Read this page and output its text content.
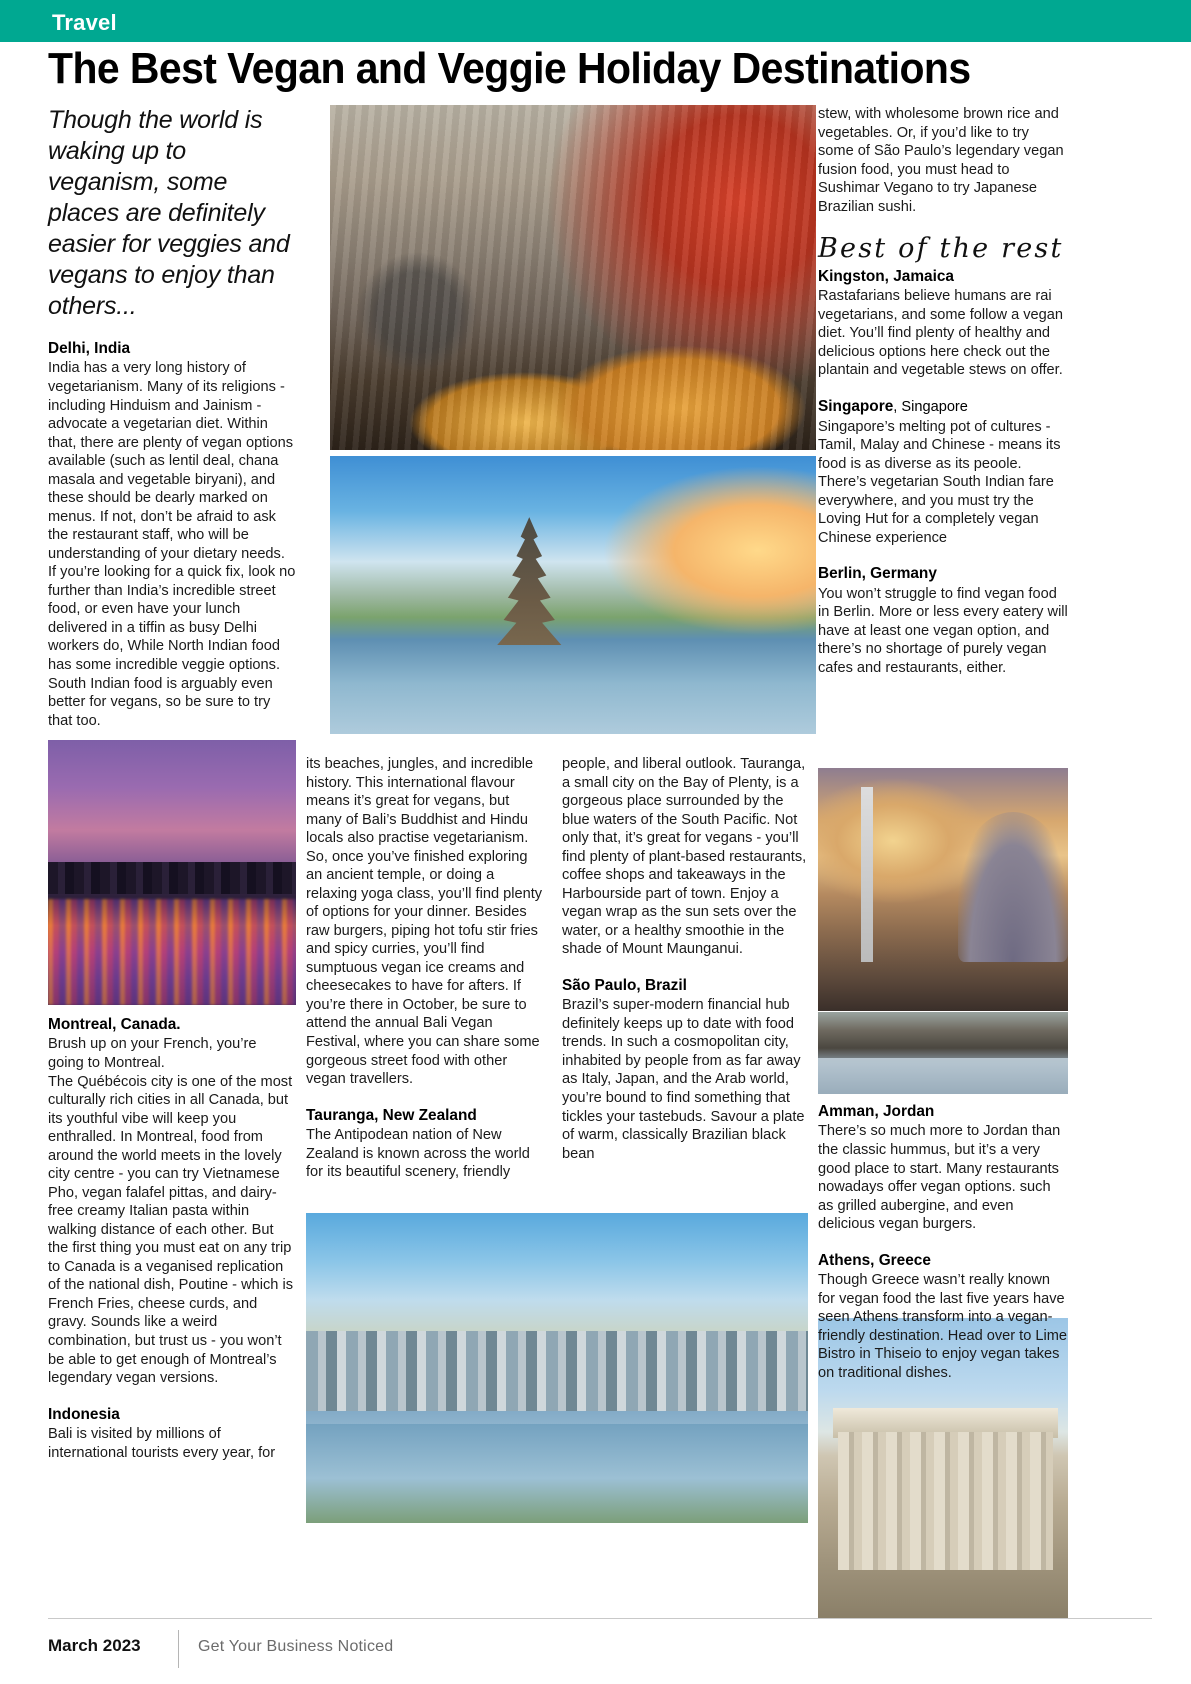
Travel
The Best Vegan and Veggie Holiday Destinations
Though the world is waking up to veganism, some places are definitely easier for veggies and vegans to enjoy than others...
Delhi, India

India has a very long history of vegetarianism. Many of its religions - including Hinduism and Jainism - advocate a vegetarian diet. Within that, there are plenty of vegan options available (such as lentil deal, chana masala and vegetable biryani), and these should be dearly marked on menus. If not, don’t be afraid to ask the restaurant staff, who will be understanding of your dietary needs. If you’re looking for a quick fix, look no further than India’s incredible street food, or even have your lunch delivered in a tiffin as busy Delhi workers do, While North Indian food has some incredible veggie options. South Indian food is arguably even better for vegans, so be sure to try that too.

Montreal, Canada.

Brush up on your French, you’re going to Montreal.

The Québécois city is one of the most culturally rich cities in all Canada, but its youthful vibe will keep you enthralled. In Montreal, food from around the world meets in the lovely city centre - you can try Vietnamese Pho, vegan falafel pittas, and dairy-free creamy Italian pasta within walking distance of each other. But the first thing you must eat on any trip to Canada is a veganised replication of the national dish, Poutine - which is French Fries, cheese curds, and gravy. Sounds like a weird combination, but trust us - you won’t be able to get enough of Montreal’s legendary vegan versions.

Indonesia

Bali is visited by millions of international tourists every year, for

its beaches, jungles, and incredible history. This international flavour means it’s great for vegans, but many of Bali’s Buddhist and Hindu locals also practise vegetarianism. So, once you’ve finished exploring an ancient temple, or doing a relaxing yoga class, you’ll find plenty of options for your dinner. Besides raw burgers, piping hot tofu stir fries and spicy curries, you’ll find sumptuous vegan ice creams and cheesecakes to have for afters. If you’re there in October, be sure to attend the annual Bali Vegan Festival, where you can share some gorgeous street food with other vegan travellers.

Tauranga, New Zealand

The Antipodean nation of New Zealand is known across the world for its beautiful scenery, friendly

people, and liberal outlook. Tauranga, a small city on the Bay of Plenty, is a gorgeous place surrounded by the blue waters of the South Pacific. Not only that, it’s great for vegans - you’ll find plenty of plant-based restaurants, coffee shops and takeaways in the Harbourside part of town. Enjoy a vegan wrap as the sun sets over the water, or a healthy smoothie in the shade of Mount Maunganui.

São Paulo, Brazil

Brazil’s super-modern financial hub definitely keeps up to date with food trends. In such a cosmopolitan city, inhabited by people from as far away as Italy, Japan, and the Arab world, you’re bound to find something that tickles your tastebuds. Savour a plate of warm, classically Brazilian black bean

stew, with wholesome brown rice and vegetables. Or, if you’d like to try some of São Paulo’s legendary vegan fusion food, you must head to Sushimar Vegano to try Japanese Brazilian sushi.

Best of the rest
Kingston, Jamaica

Rastafarians believe humans are rai vegetarians, and some follow a vegan diet. You’ll find plenty of healthy and delicious options here check out the plantain and vegetable stews on offer.

Singapore, Singapore

Singapore’s melting pot of cultures - Tamil, Malay and Chinese - means its food is as diverse as its peoole. There’s vegetarian South Indian fare everywhere, and you must try the Loving Hut for a completely vegan Chinese experience

Berlin, Germany

You won’t struggle to find vegan food in Berlin. More or less every eatery will have at least one vegan option, and there’s no shortage of purely vegan cafes and restaurants, either.

Amman, Jordan

There’s so much more to Jordan than the classic hummus, but it’s a very good place to start. Many restaurants nowadays offer vegan options. such as grilled aubergine, and even delicious vegan burgers.

Athens, Greece

Though Greece wasn’t really known for vegan food the last five years have seen Athens transform into a vegan-friendly destination. Head over to Lime Bistro in Thiseio to enjoy vegan takes on traditional dishes.

March 2023	Get Your Business Noticed
